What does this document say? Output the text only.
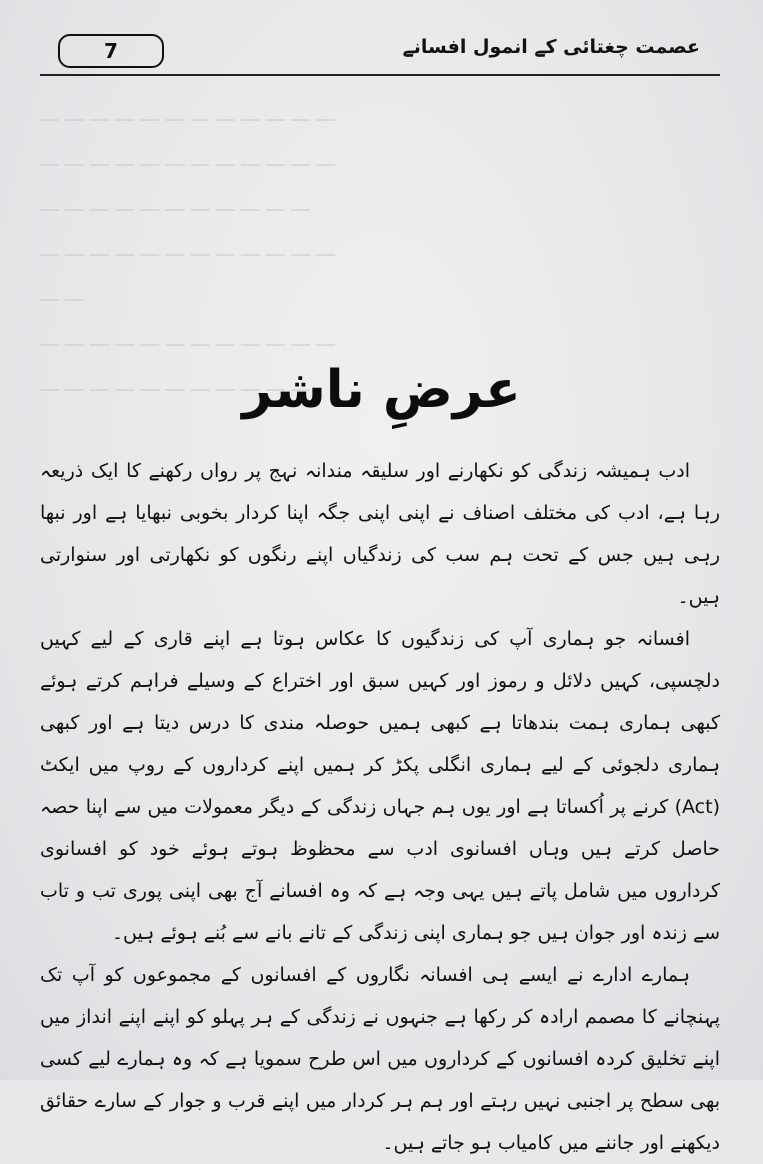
7	عصمت چغتائی کے انمول افسانے
ـــ ـــ ـــ ـــ ـــ ـــ ـــ ـــ ـــ ـــ ـــ ـــ
ـــ ـــ ـــ ـــ ـــ ـــ ـــ ـــ ـــ ـــ ـــ ـــ
ـــ ـــ ـــ ـــ ـــ ـــ ـــ ـــ ـــ ـــ ـــ
ـــ ـــ ـــ ـــ ـــ ـــ ـــ ـــ ـــ ـــ ـــ ـــ
ـــ ـــ
ـــ ـــ ـــ ـــ ـــ ـــ ـــ ـــ ـــ ـــ ـــ ـــ
ـــ ـــ ـــ ـــ ـــ ـــ ـــ ـــ ـــ ـــ ـــ
عرضِ ناشر

ادب ہمیشہ زندگی کو نکھارنے اور سلیقہ مندانہ نہج پر رواں رکھنے کا ایک ذریعہ رہا ہے، ادب کی مختلف اصناف نے اپنی اپنی جگہ اپنا کردار بخوبی نبھایا ہے اور نبھا رہی ہیں جس کے تحت ہم سب کی زندگیاں اپنے رنگوں کو نکھارتی اور سنوارتی ہیں۔

افسانہ جو ہماری آپ کی زندگیوں کا عکاس ہوتا ہے اپنے قاری کے لیے کہیں دلچسپی، کہیں دلائل و رموز اور کہیں سبق اور اختراع کے وسیلے فراہم کرتے ہوئے کبھی ہماری ہمت بندھاتا ہے کبھی ہمیں حوصلہ مندی کا درس دیتا ہے اور کبھی ہماری دلجوئی کے لیے ہماری انگلی پکڑ کر ہمیں اپنے کرداروں کے روپ میں ایکٹ (Act) کرنے پر اُکساتا ہے اور یوں ہم جہاں زندگی کے دیگر معمولات میں سے اپنا حصہ حاصل کرتے ہیں وہاں افسانوی ادب سے محظوظ ہوتے ہوئے خود کو افسانوی کرداروں میں شامل پاتے ہیں یہی وجہ ہے کہ وہ افسانے آج بھی اپنی پوری تب و تاب سے زندہ اور جوان ہیں جو ہماری اپنی زندگی کے تانے بانے سے بُنے ہوئے ہیں۔

ہمارے ادارے نے ایسے ہی افسانہ نگاروں کے افسانوں کے مجموعوں کو آپ تک پہنچانے کا مصمم ارادہ کر رکھا ہے جنہوں نے زندگی کے ہر پہلو کو اپنے اپنے انداز میں اپنے تخلیق کردہ افسانوں کے کرداروں میں اس طرح سمویا ہے کہ وہ ہمارے لیے کسی بھی سطح پر اجنبی نہیں رہتے اور ہم ہر کردار میں اپنے قرب و جوار کے سارے حقائق دیکھنے اور جاننے میں کامیاب ہو جاتے ہیں۔
